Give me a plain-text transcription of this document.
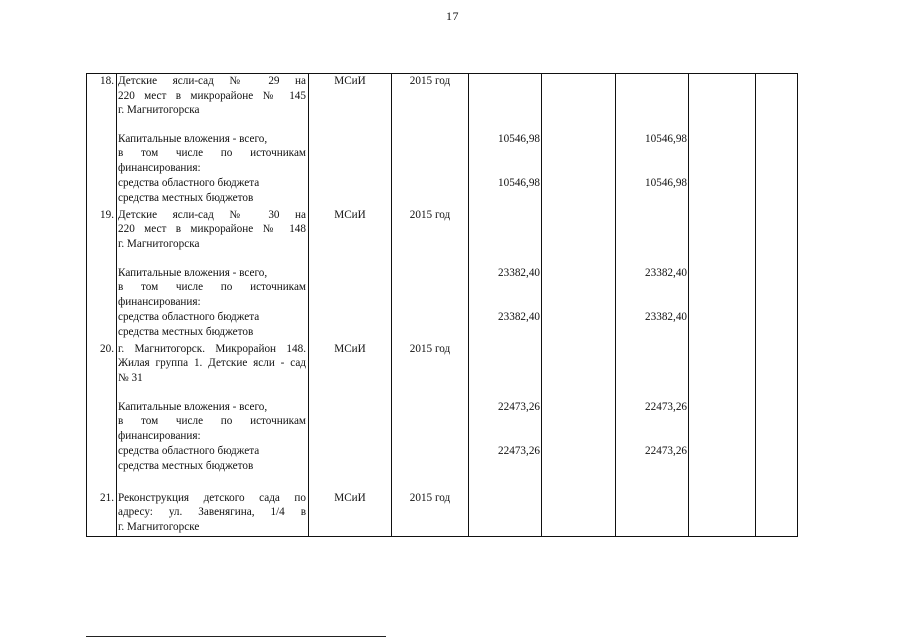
17
18.	Детские ясли-сад № 29 на
220 мест в микрорайоне № 145
г. Магнитогорска	МСиИ	2015 год					

	Капитальные вложения - всего,
в том числе по источникам
финансирования:			10546,98		10546,98		
	средства областного бюджета			10546,98		10546,98		
	средства местных бюджетов							
19.	Детские ясли-сад № 30 на
220 мест в микрорайоне № 148
г. Магнитогорска	МСиИ	2015 год					

	Капитальные вложения - всего,
в том числе по источникам
финансирования:			23382,40		23382,40		
	средства областного бюджета			23382,40		23382,40		
	средства местных бюджетов							
20.	г. Магнитогорск. Микрорайон 148.
Жилая группа 1. Детские ясли - сад
№ 31	МСиИ	2015 год					

	Капитальные вложения - всего,
в том числе по источникам
финансирования:			22473,26		22473,26		
	средства областного бюджета			22473,26		22473,26		
	средства местных бюджетов							
21.	Реконструкция детского сада по
адресу: ул. Завенягина, 1/4 в
г. Магнитогорске	МСиИ	2015 год					
